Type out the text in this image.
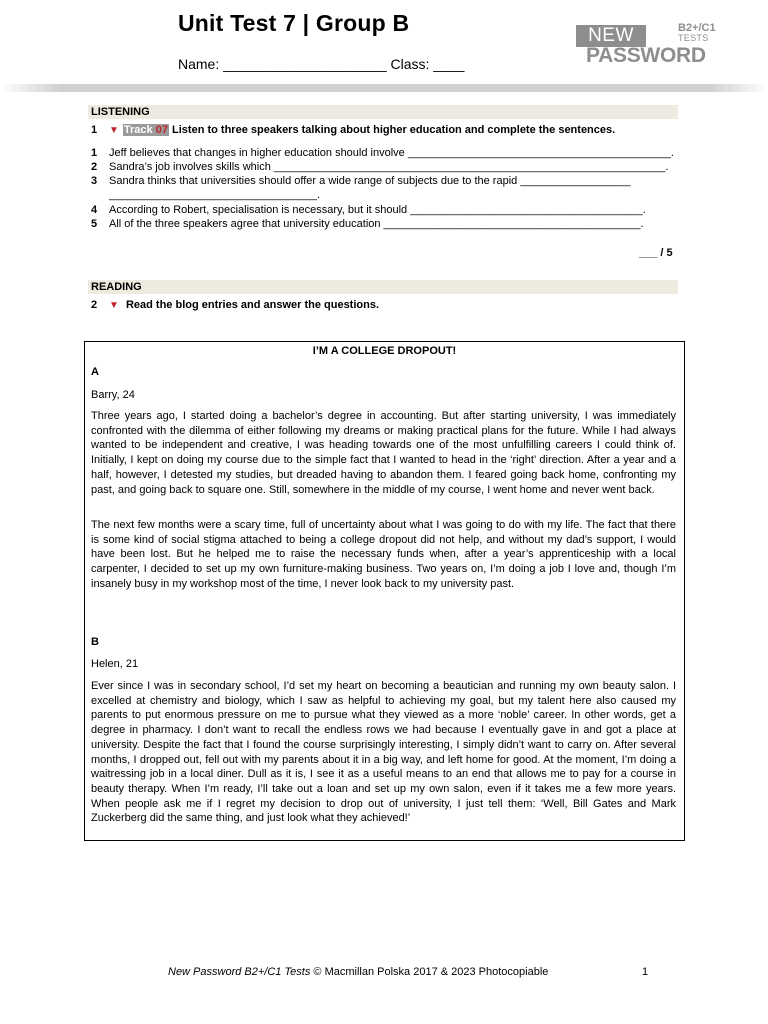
Unit Test 7 | Group B
Name: _____________________ Class: ____
NEW	B2+/C1
TESTS
PASSWORD
LISTENING
1 ▼ Track 07 Listen to three speakers talking about higher education and complete the sentences.
1 Jeff believes that changes in higher education should involve ___________________________________________.
2 Sandra’s job involves skills which ________________________________________________________________.
3 Sandra thinks that universities should offer a wide range of subjects due to the rapid __________________
__________________________________.
4 According to Robert, specialisation is necessary, but it should ______________________________________.
5 All of the three speakers agree that university education __________________________________________.
___ / 5
READING
2 ▼ Read the blog entries and answer the questions.
I’M A COLLEGE DROPOUT!
A
Barry, 24

Three years ago, I started doing a bachelor’s degree in accounting. But after starting university, I was immediately confronted with the dilemma of either following my dreams or making practical plans for the future. While I had always wanted to be independent and creative, I was heading towards one of the most unfulfilling careers I could think of. Initially, I kept on doing my course due to the simple fact that I wanted to head in the ‘right’ direction. After a year and a half, however, I detested my studies, but dreaded having to abandon them. I feared going back home, confronting my past, and going back to square one. Still, somewhere in the middle of my course, I went home and never went back.

The next few months were a scary time, full of uncertainty about what I was going to do with my life. The fact that there is some kind of social stigma attached to being a college dropout did not help, and without my dad’s support, I would have been lost. But he helped me to raise the necessary funds when, after a year’s apprenticeship with a local carpenter, I decided to set up my own furniture-making business. Two years on, I’m doing a job I love and, though I’m insanely busy in my workshop most of the time, I never look back to my university past.

B
Helen, 21

Ever since I was in secondary school, I’d set my heart on becoming a beautician and running my own beauty salon. I excelled at chemistry and biology, which I saw as helpful to achieving my goal, but my talent here also caused my parents to put enormous pressure on me to pursue what they viewed as a more ‘noble’ career. In other words, get a degree in pharmacy. I don’t want to recall the endless rows we had because I eventually gave in and got a place at university. Despite the fact that I found the course surprisingly interesting, I simply didn’t want to carry on. After several months, I dropped out, fell out with my parents about it in a big way, and left home for good. At the moment, I’m doing a waitressing job in a local diner. Dull as it is, I see it as a useful means to an end that allows me to pay for a course in beauty therapy. When I’m ready, I’ll take out a loan and set up my own salon, even if it takes me a few more years. When people ask me if I regret my decision to drop out of university, I just tell them: ‘Well, Bill Gates and Mark Zuckerberg did the same thing, and just look what they achieved!’

New Password B2+/C1 Tests © Macmillan Polska 2017 & 2023 Photocopiable	1
